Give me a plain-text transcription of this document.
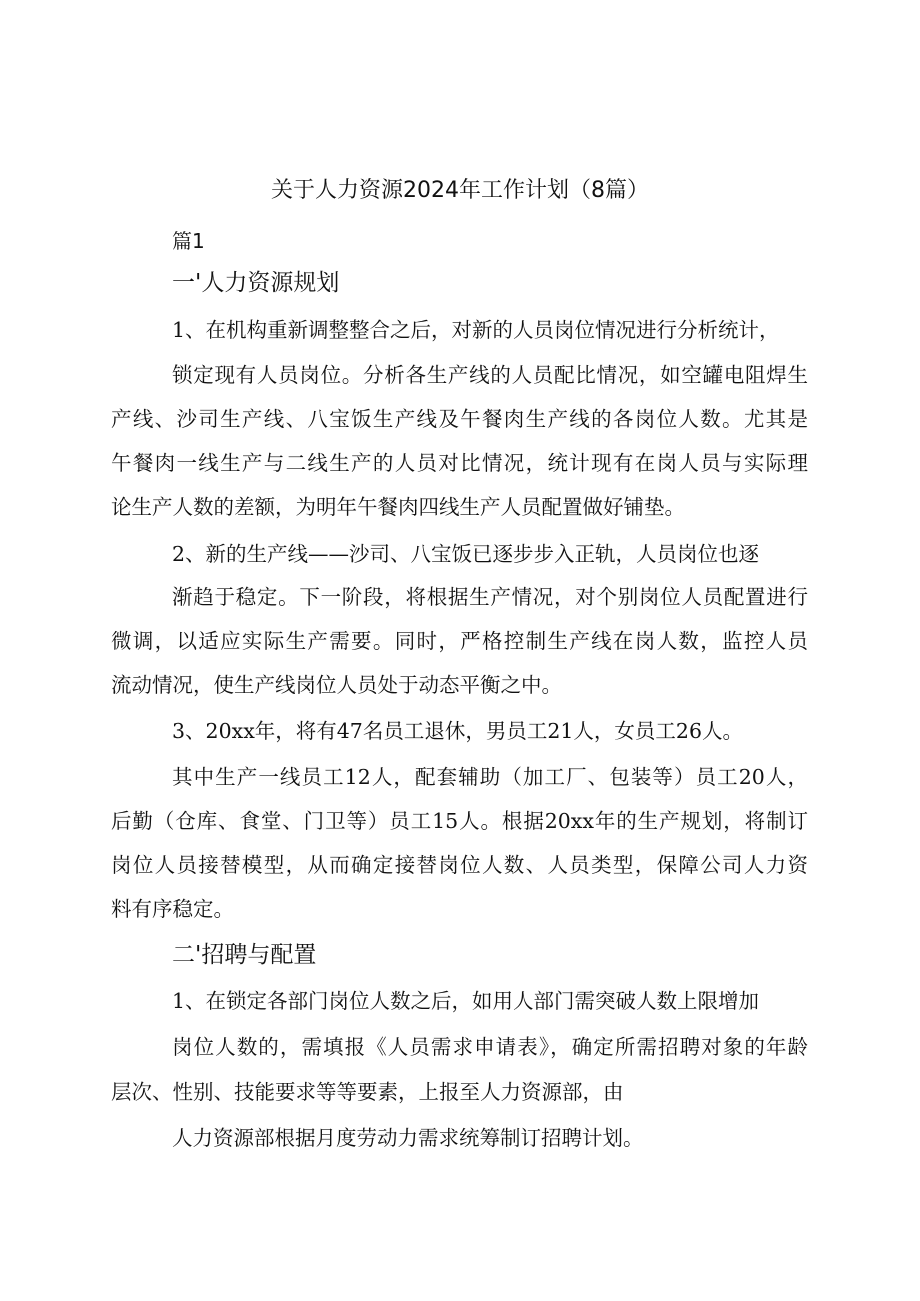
关于人力资源2024年工作计划（8篇）
篇1
一'人力资源规划
1、在机构重新调整整合之后，对新的人员岗位情况进行分析统计，
锁定现有人员岗位。分析各生产线的人员配比情况，如空罐电阻焊生
产线、沙司生产线、八宝饭生产线及午餐肉生产线的各岗位人数。尤其是
午餐肉一线生产与二线生产的人员对比情况，统计现有在岗人员与实际理
论生产人数的差额，为明年午餐肉四线生产人员配置做好铺垫。
2、新的生产线——沙司、八宝饭已逐步步入正轨，人员岗位也逐
渐趋于稳定。下一阶段，将根据生产情况，对个别岗位人员配置进行
微调，以适应实际生产需要。同时，严格控制生产线在岗人数，监控人员
流动情况，使生产线岗位人员处于动态平衡之中。
3、20xx年，将有47名员工退休，男员工21人，女员工26人。
其中生产一线员工12人，配套辅助（加工厂、包装等）员工20人，
后勤（仓库、食堂、门卫等）员工15人。根据20xx年的生产规划，将制订
岗位人员接替模型，从而确定接替岗位人数、人员类型，保障公司人力资
料有序稳定。
二'招聘与配置
1、在锁定各部门岗位人数之后，如用人部门需突破人数上限增加
岗位人数的，需填报《人员需求申请表》，确定所需招聘对象的年龄
层次、性别、技能要求等等要素，上报至人力资源部，由
人力资源部根据月度劳动力需求统筹制订招聘计划。
